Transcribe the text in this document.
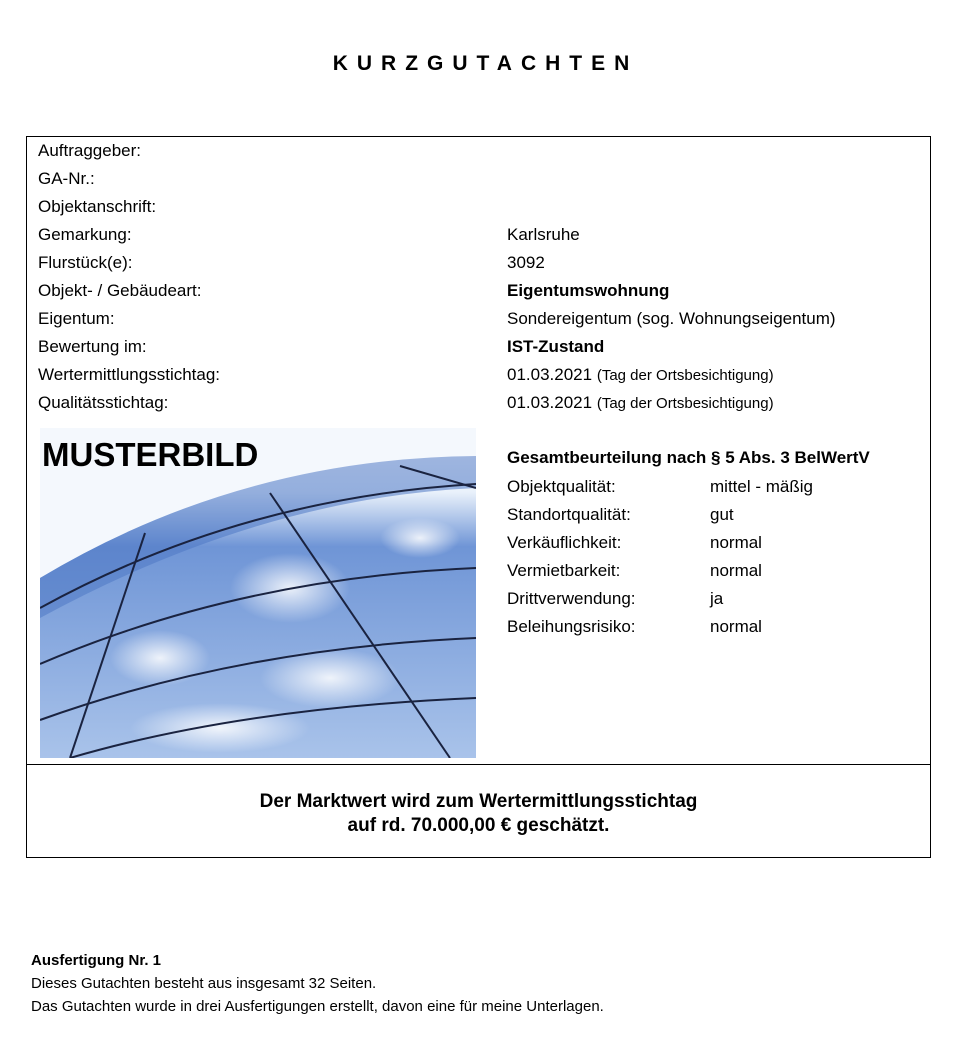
KURZGUTACHTEN
Auftraggeber:
GA-Nr.:
Objektanschrift:
Gemarkung:	Karlsruhe
Flurstück(e):	3092
Objekt- / Gebäudeart:	Eigentumswohnung
Eigentum:	Sondereigentum (sog. Wohnungseigentum)
Bewertung im:	IST-Zustand
Wertermittlungsstichtag:	01.03.2021 (Tag der Ortsbesichtigung)
Qualitätsstichtag:	01.03.2021 (Tag der Ortsbesichtigung)
MUSTERBILD	Gesamtbeurteilung nach § 5 Abs. 3 BelWertV
Objektqualität:	mittel - mäßig
Standortqualität:	gut
Verkäuflichkeit:	normal
Vermietbarkeit:	normal
Drittverwendung:	ja
Beleihungsrisiko:	normal
Der Marktwert wird zum Wertermittlungsstichtag
auf rd. 70.000,00 € geschätzt.
Ausfertigung Nr. 1
Dieses Gutachten besteht aus insgesamt 32 Seiten.
Das Gutachten wurde in drei Ausfertigungen erstellt, davon eine für meine Unterlagen.
